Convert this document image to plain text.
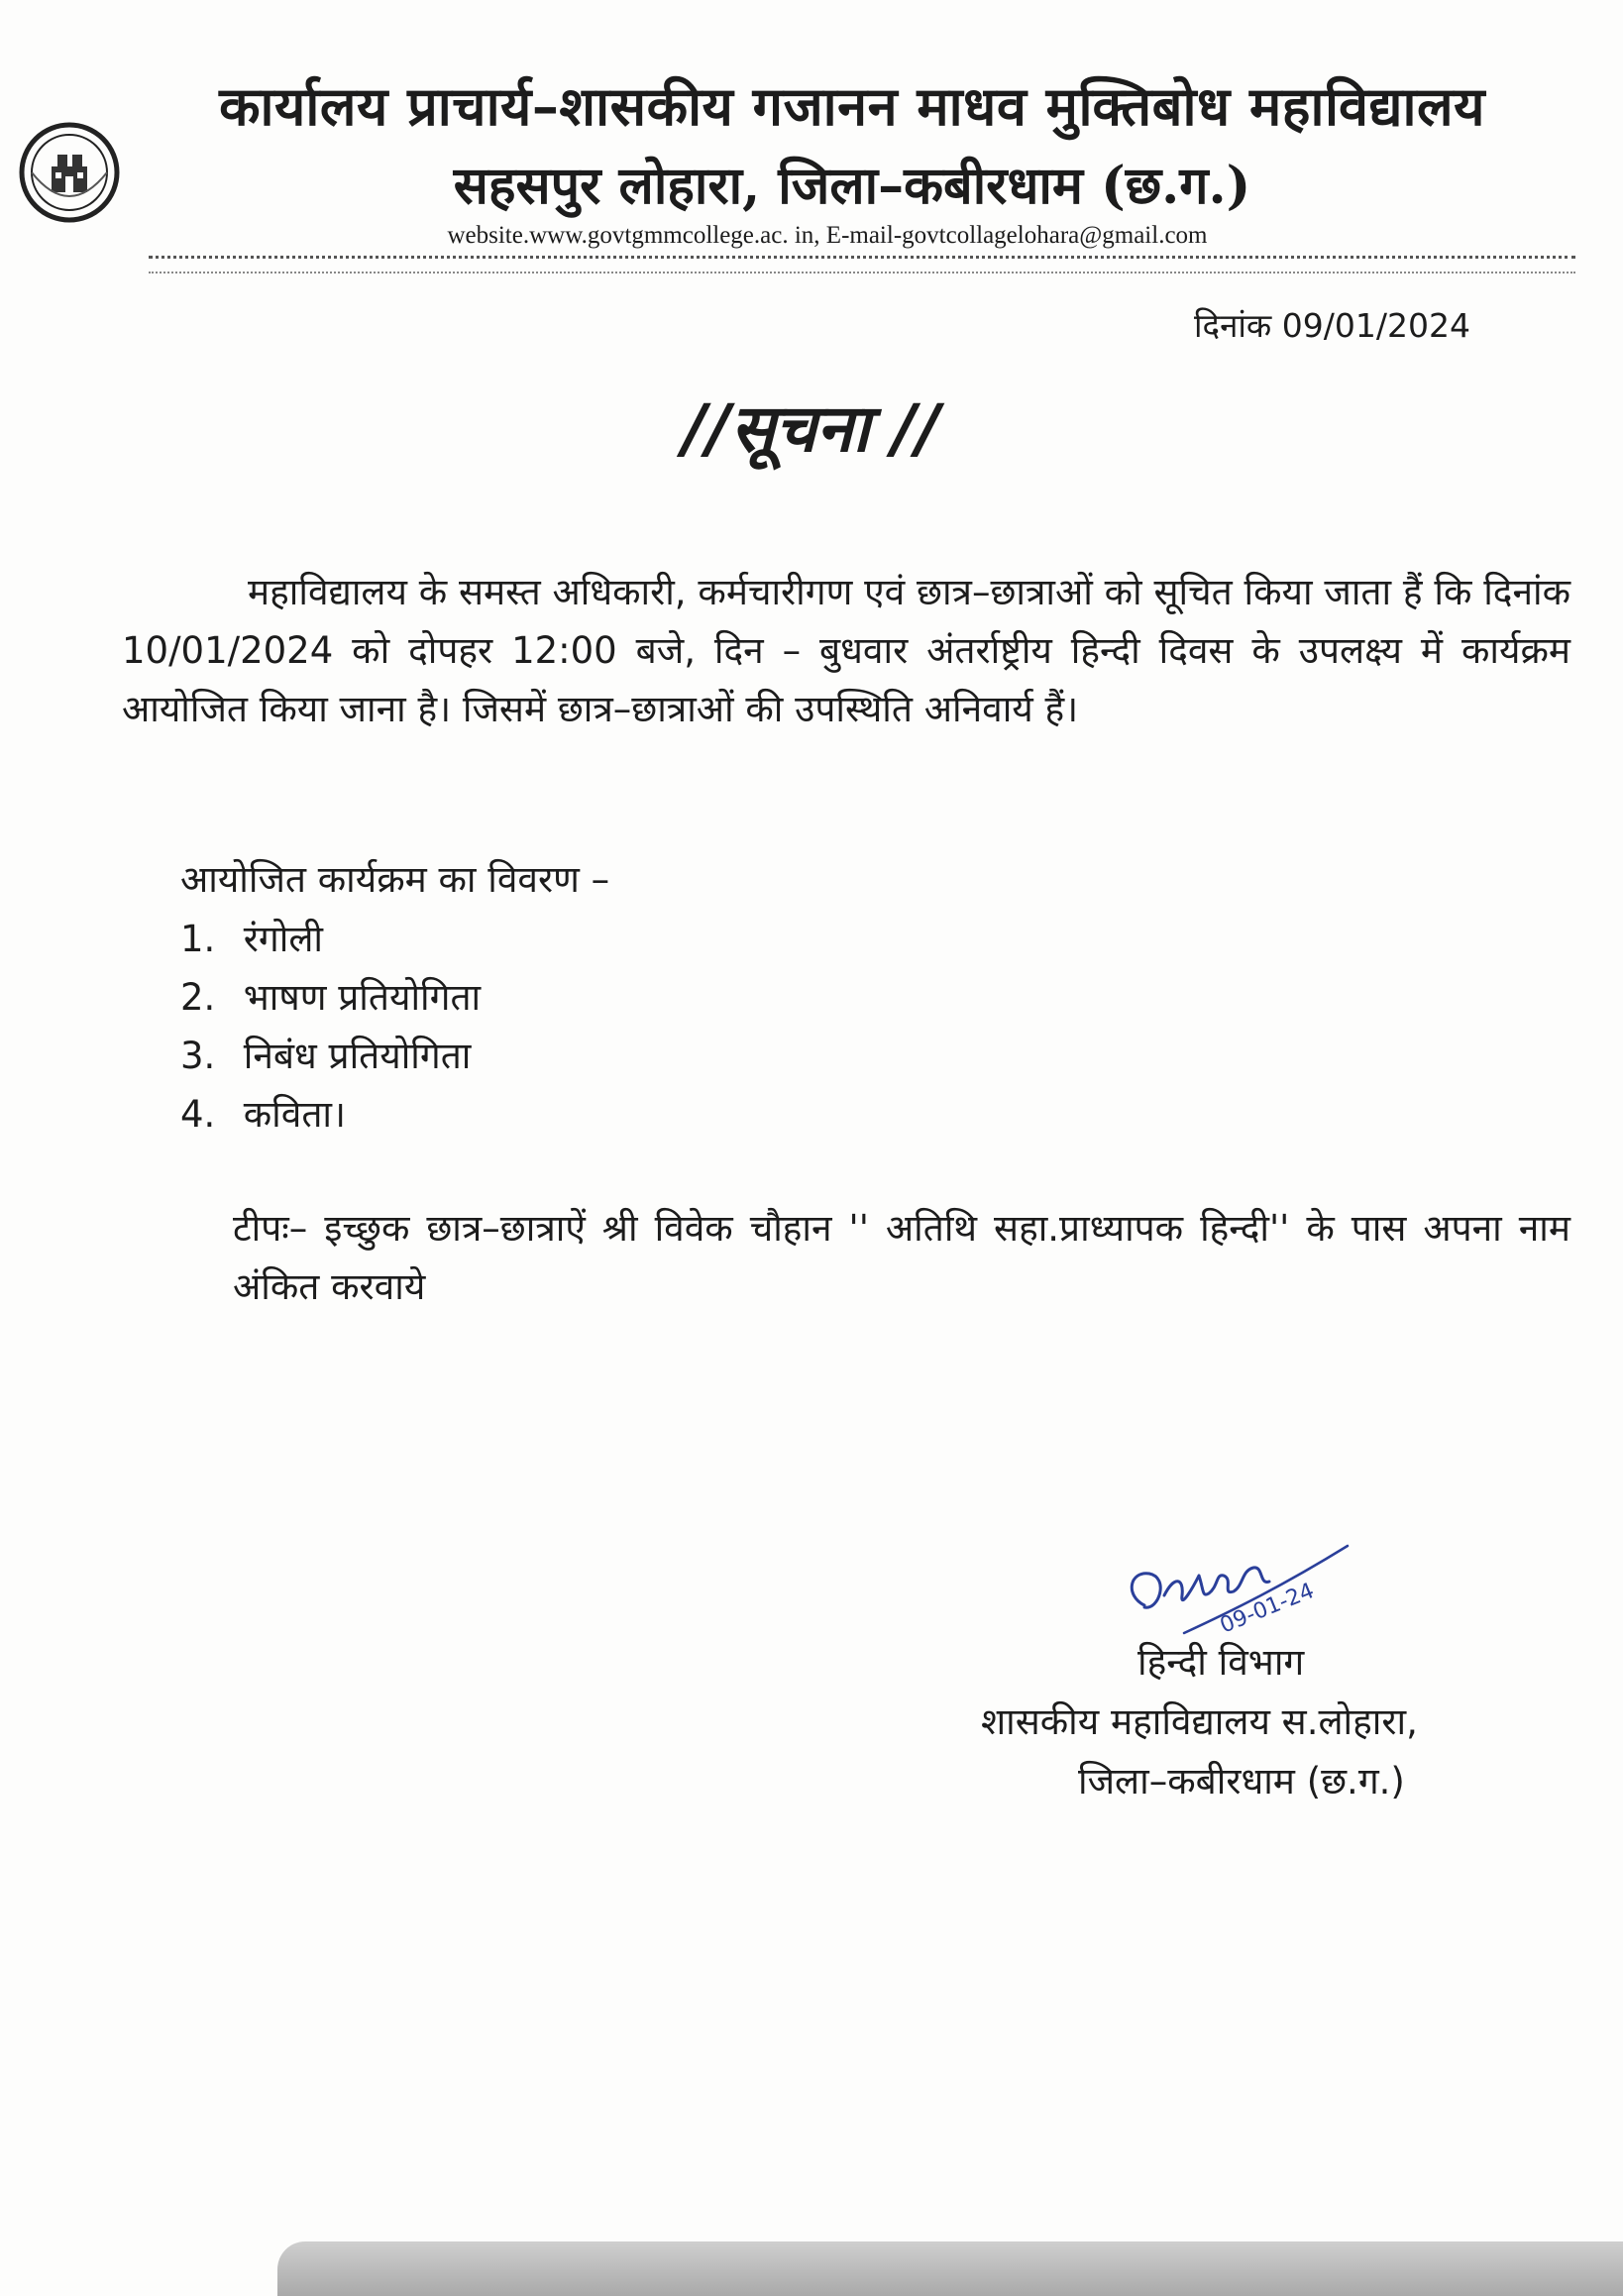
कार्यालय प्राचार्य–शासकीय गजानन माधव मुक्तिबोध महाविद्यालय
सहसपुर लोहारा, जिला–कबीरधाम (छ.ग.)
website.www.govtgmmcollege.ac. in, E-mail-govtcollagelohara@gmail.com
दिनांक 09/01/2024
//सूचना //
महाविद्यालय के समस्त अधिकारी, कर्मचारीगण एवं छात्र–छात्राओं को सूचित किया जाता हैं कि दिनांक 10/01/2024 को दोपहर 12:00 बजे, दिन – बुधवार अंतर्राष्ट्रीय हिन्दी दिवस के उपलक्ष्य में कार्यक्रम आयोजित किया जाना है। जिसमें छात्र–छात्राओं की उपस्थिति अनिवार्य हैं।
आयोजित कार्यक्रम का विवरण –
1. रंगोली
2. भाषण प्रतियोगिता
3. निबंध प्रतियोगिता
4. कविता।
टीपः– इच्छुक छात्र–छात्राऐं श्री विवेक चौहान '' अतिथि सहा.प्राध्यापक हिन्दी'' के पास अपना नाम अंकित करवाये
09-01-24
हिन्दी विभाग
शासकीय महाविद्यालय स.लोहारा,
जिला–कबीरधाम (छ.ग.)
